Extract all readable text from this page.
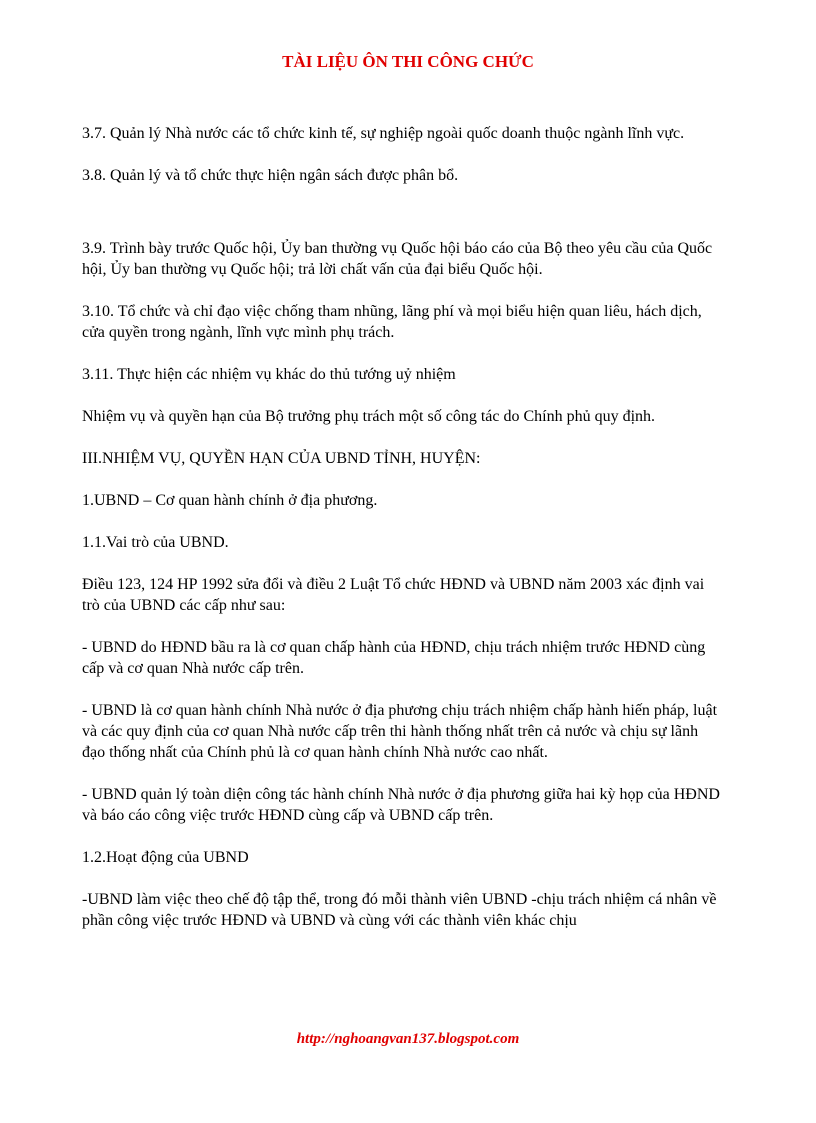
TÀI LIỆU ÔN THI CÔNG CHỨC

3.7. Quản lý Nhà nước các tổ chức kinh tế, sự nghiệp ngoài quốc doanh thuộc ngành lĩnh vực.

3.8. Quản lý và tổ chức thực hiện ngân sách được phân bổ.

3.9. Trình bày trước Quốc hội, Ủy ban thường vụ Quốc hội báo cáo của Bộ theo yêu cầu của Quốc hội, Ủy ban thường vụ Quốc hội; trả lời chất vấn của đại biểu Quốc hội.

3.10. Tổ chức và chỉ đạo việc chống tham nhũng, lãng phí và mọi biểu hiện quan liêu, hách dịch, cửa quyền trong ngành, lĩnh vực mình phụ trách.

3.11. Thực hiện các nhiệm vụ khác do thủ tướng uỷ nhiệm

Nhiệm vụ và quyền hạn của Bộ trưởng phụ trách một số công tác do Chính phủ quy định.

III.NHIỆM VỤ, QUYỀN HẠN CỦA UBND TỈNH, HUYỆN:

1.UBND – Cơ quan hành chính ở địa phương.

1.1.Vai trò của UBND.

Điều 123, 124 HP 1992 sửa đổi và điều 2 Luật Tổ chức HĐND và UBND năm 2003 xác định vai trò của UBND các cấp như sau:

- UBND do HĐND bầu ra là cơ quan chấp hành của HĐND, chịu trách nhiệm trước HĐND cùng cấp và cơ quan Nhà nước cấp trên.

- UBND là cơ quan hành chính Nhà nước ở địa phương chịu trách nhiệm chấp hành hiến pháp, luật và các quy định của cơ quan Nhà nước cấp trên thi hành thống nhất trên cả nước và chịu sự lãnh đạo thống nhất của Chính phủ là cơ quan hành chính Nhà nước cao nhất.

- UBND quản lý toàn diện công tác hành chính Nhà nước ở địa phương giữa hai kỳ họp của HĐND và báo cáo công việc trước HĐND cùng cấp và UBND cấp trên.

1.2.Hoạt động của UBND

-UBND làm việc theo chế độ tập thể, trong đó mỗi thành viên UBND -chịu trách nhiệm cá nhân về phần công việc trước HĐND và UBND và cùng với các thành viên khác chịu

http://nghoangvan137.blogspot.com
